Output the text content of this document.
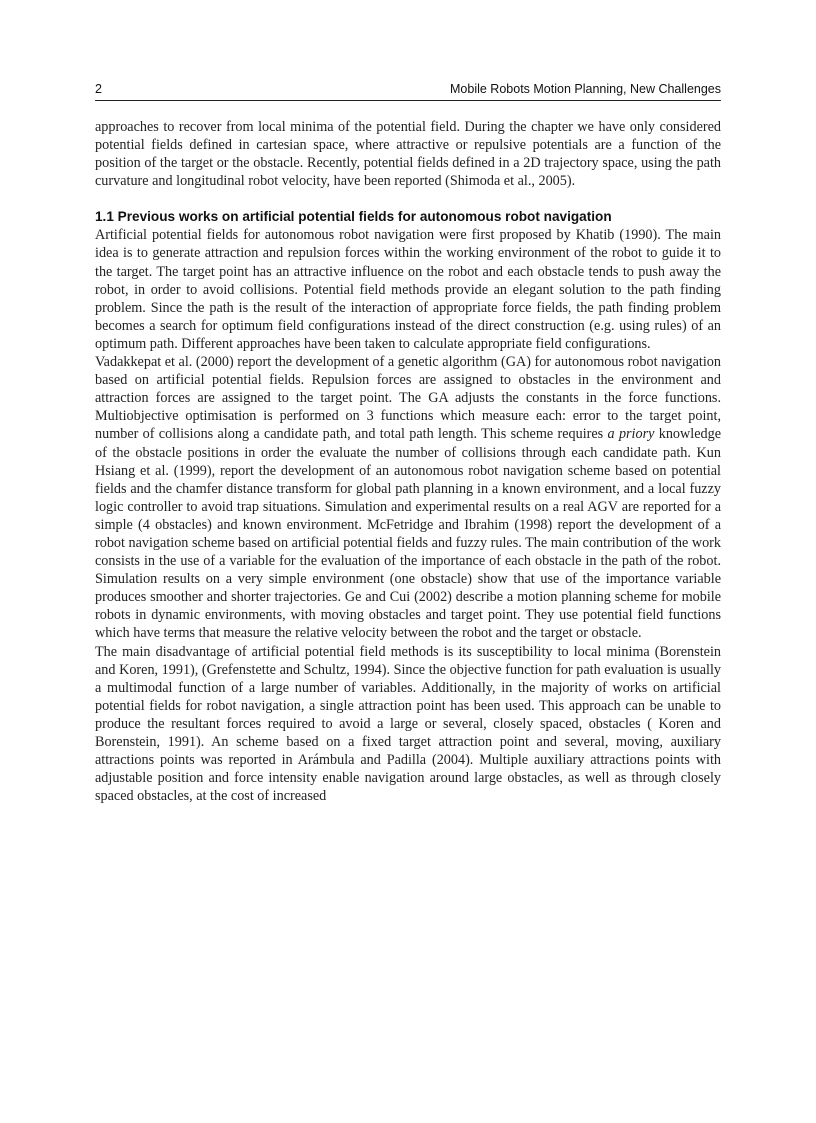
2	Mobile Robots Motion Planning, New Challenges

approaches to recover from local minima of the potential field. During the chapter we have only considered potential fields defined in cartesian space, where attractive or repulsive potentials are a function of the position of the target or the obstacle. Recently, potential fields defined in a 2D trajectory space, using the path curvature and longitudinal robot velocity, have been reported (Shimoda et al., 2005).

1.1 Previous works on artificial potential fields for autonomous robot navigation

Artificial potential fields for autonomous robot navigation were first proposed by Khatib (1990). The main idea is to generate attraction and repulsion forces within the working environment of the robot to guide it to the target. The target point has an attractive influence on the robot and each obstacle tends to push away the robot, in order to avoid collisions. Potential field methods provide an elegant solution to the path finding problem. Since the path is the result of the interaction of appropriate force fields, the path finding problem becomes a search for optimum field configurations instead of the direct construction (e.g. using rules) of an optimum path. Different approaches have been taken to calculate appropriate field configurations.

Vadakkepat et al. (2000) report the development of a genetic algorithm (GA) for autonomous robot navigation based on artificial potential fields. Repulsion forces are assigned to obstacles in the environment and attraction forces are assigned to the target point. The GA adjusts the constants in the force functions. Multiobjective optimisation is performed on 3 functions which measure each: error to the target point, number of collisions along a candidate path, and total path length. This scheme requires a priory knowledge of the obstacle positions in order the evaluate the number of collisions through each candidate path. Kun Hsiang et al. (1999), report the development of an autonomous robot navigation scheme based on potential fields and the chamfer distance transform for global path planning in a known environment, and a local fuzzy logic controller to avoid trap situations. Simulation and experimental results on a real AGV are reported for a simple (4 obstacles) and known environment. McFetridge and Ibrahim (1998) report the development of a robot navigation scheme based on artificial potential fields and fuzzy rules. The main contribution of the work consists in the use of a variable for the evaluation of the importance of each obstacle in the path of the robot. Simulation results on a very simple environment (one obstacle) show that use of the importance variable produces smoother and shorter trajectories. Ge and Cui (2002) describe a motion planning scheme for mobile robots in dynamic environments, with moving obstacles and target point. They use potential field functions which have terms that measure the relative velocity between the robot and the target or obstacle.

The main disadvantage of artificial potential field methods is its susceptibility to local minima (Borenstein and Koren, 1991), (Grefenstette and Schultz, 1994). Since the objective function for path evaluation is usually a multimodal function of a large number of variables. Additionally, in the majority of works on artificial potential fields for robot navigation, a single attraction point has been used. This approach can be unable to produce the resultant forces required to avoid a large or several, closely spaced, obstacles ( Koren and Borenstein, 1991). An scheme based on a fixed target attraction point and several, moving, auxiliary attractions points was reported in Arámbula and Padilla (2004). Multiple auxiliary attractions points with adjustable position and force intensity enable navigation around large obstacles, as well as through closely spaced obstacles, at the cost of increased
